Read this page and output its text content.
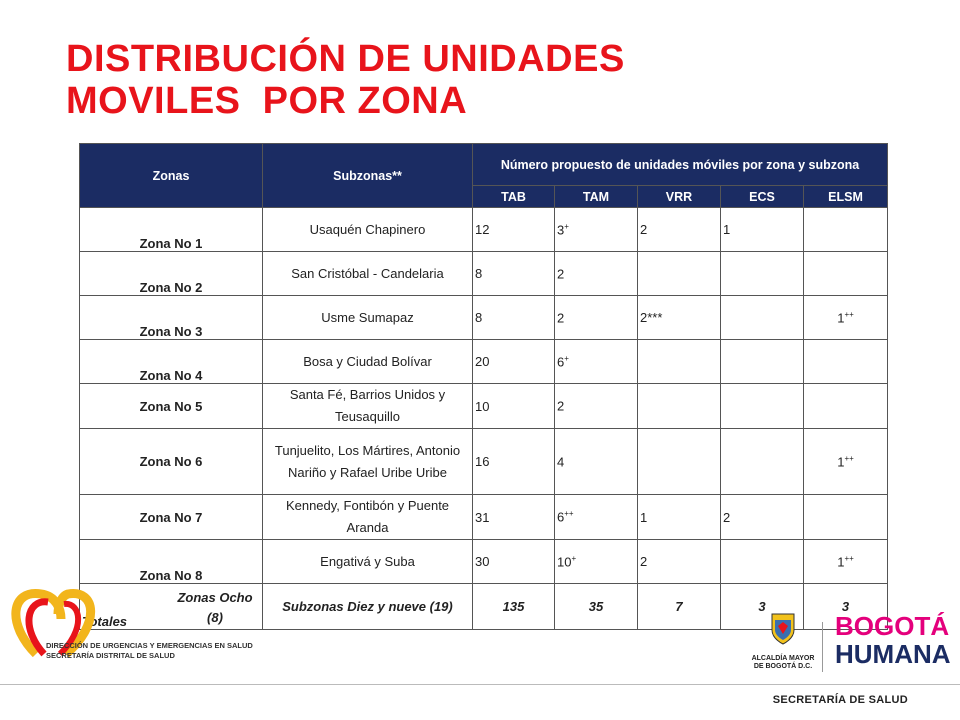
DISTRIBUCIÓN DE UNIDADES
MOVILES  POR ZONA
Zonas	Subzonas**	Número propuesto de unidades móviles por zona y subzona				
		TAB	TAM	VRR	ECS	ELSM
Zona No 1	Usaquén Chapinero	12	3+	2	1	
Zona No 2	San Cristóbal - Candelaria	8	2			
Zona No 3	Usme Sumapaz	8	2	2***		1++
Zona No 4	Bosa y Ciudad Bolívar	20	6+			
Zona No 5	Santa Fé, Barrios Unidos y Teusaquillo	10	2			
Zona No 6	Tunjuelito, Los Mártires, Antonio Nariño y Rafael Uribe Uribe	16	4			1++
Zona No 7	Kennedy, Fontibón y Puente Aranda	31	6++	1	2	
Zona No 8	Engativá y Suba	30	10+	2		1++
Totales	Subzonas Diez y nueve (19)	135	35	7	3	3
DIRECCIÓN DE URGENCIAS Y EMERGENCIAS EN SALUD
SECRETARÍA DISTRITAL DE SALUD
Zonas Ocho (8)
ALCALDÍA MAYOR DE BOGOTÁ D.C.
BOGOTÁ
HUMANA
SECRETARÍA DE SALUD
